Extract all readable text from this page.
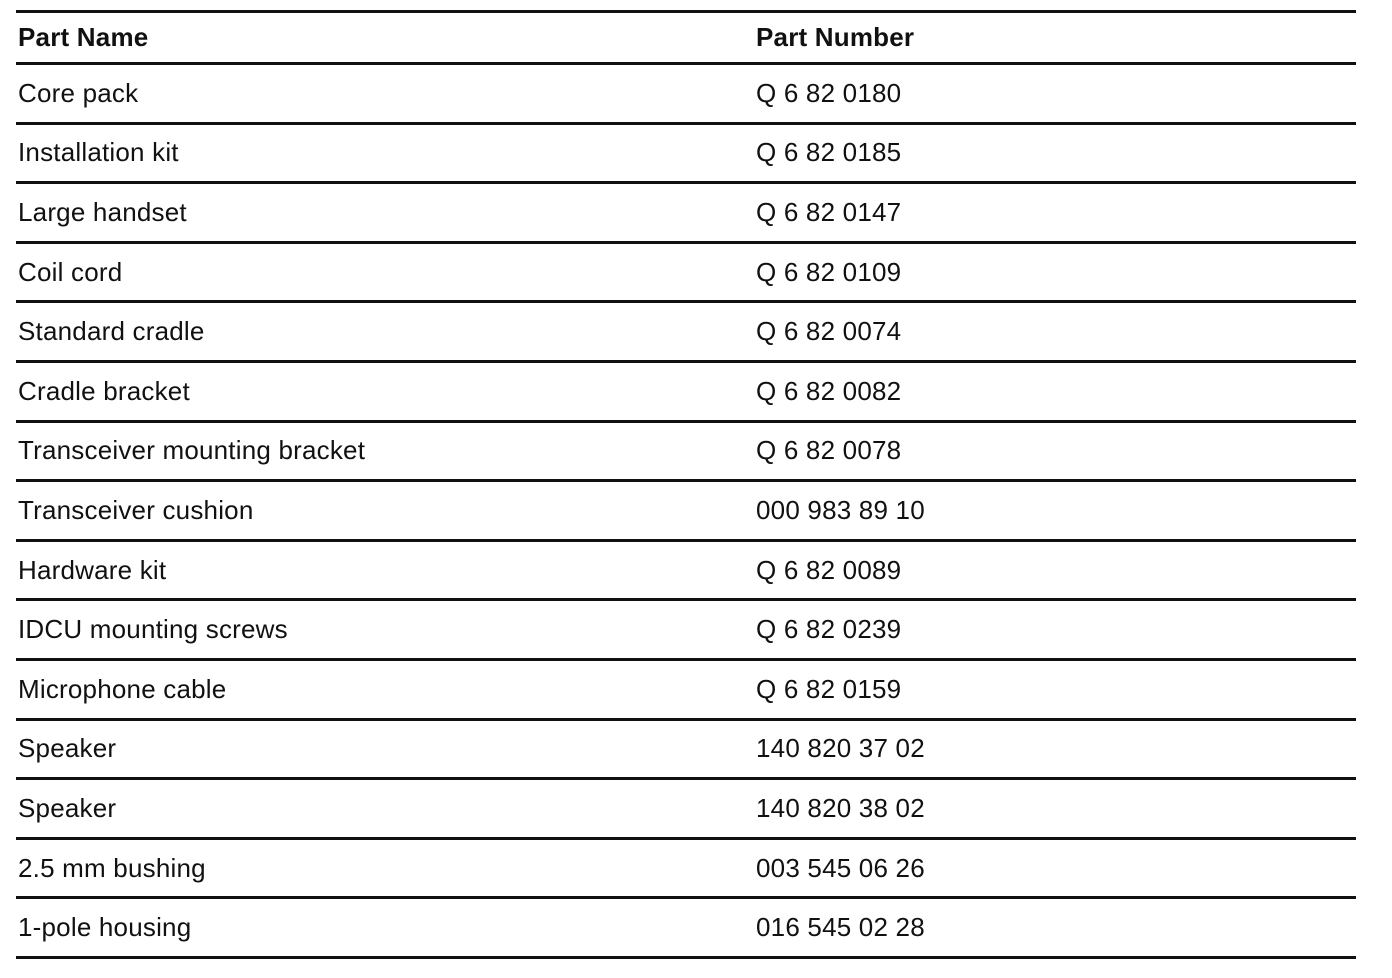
Part Name	Part Number
Core pack	Q 6 82 0180
Installation kit	Q 6 82 0185
Large handset	Q 6 82 0147
Coil cord	Q 6 82 0109
Standard cradle	Q 6 82 0074
Cradle bracket	Q 6 82 0082
Transceiver mounting bracket	Q 6 82 0078
Transceiver cushion	000 983 89 10
Hardware kit	Q 6 82 0089
IDCU mounting screws	Q 6 82 0239
Microphone cable	Q 6 82 0159
Speaker	140 820 37 02
Speaker	140 820 38 02
2.5 mm bushing	003 545 06 26
1-pole housing	016 545 02 28
